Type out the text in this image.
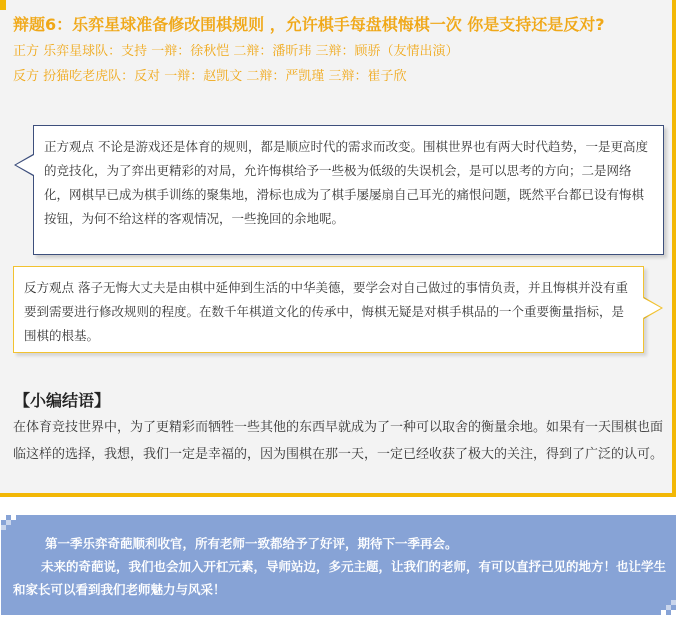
辩题6：乐弈星球准备修改围棋规则 ，允许棋手每盘棋悔棋一次 你是支持还是反对?
正方 乐弈星球队：支持 一辩：徐秋恺 二辩：潘昕玮 三辩：顾骄（友情出演）
反方 扮猫吃老虎队：反对 一辩：赵凯文 二辩：严凯瑾 三辩：崔子欣
正方观点 不论是游戏还是体育的规则，都是顺应时代的需求而改变。围棋世界也有两大时代趋势，一是更高度的竞技化，为了弈出更精彩的对局，允许悔棋给予一些极为低级的失误机会，是可以思考的方向；二是网络化，网棋早已成为棋手训练的聚集地，滑标也成为了棋手屡屡扇自己耳光的痛恨问题，既然平台都已设有悔棋按钮，为何不给这样的客观情况，一些挽回的余地呢。
反方观点 落子无悔大丈夫是由棋中延伸到生活的中华美德，要学会对自己做过的事情负责，并且悔棋并没有重要到需要进行修改规则的程度。在数千年棋道文化的传承中，悔棋无疑是对棋手棋品的一个重要衡量指标，是围棋的根基。
【小编结语】
在体育竞技世界中，为了更精彩而牺牲一些其他的东西早就成为了一种可以取舍的衡量余地。如果有一天围棋也面临这样的选择，我想，我们一定是幸福的，因为围棋在那一天，一定已经收获了极大的关注，得到了广泛的认可。

第一季乐弈奇葩顺利收官，所有老师一致都给予了好评，期待下一季再会。

未来的奇葩说，我们也会加入开杠元素，导师站边，多元主题，让我们的老师，有可以直抒己见的地方！也让学生和家长可以看到我们老师魅力与风采！
